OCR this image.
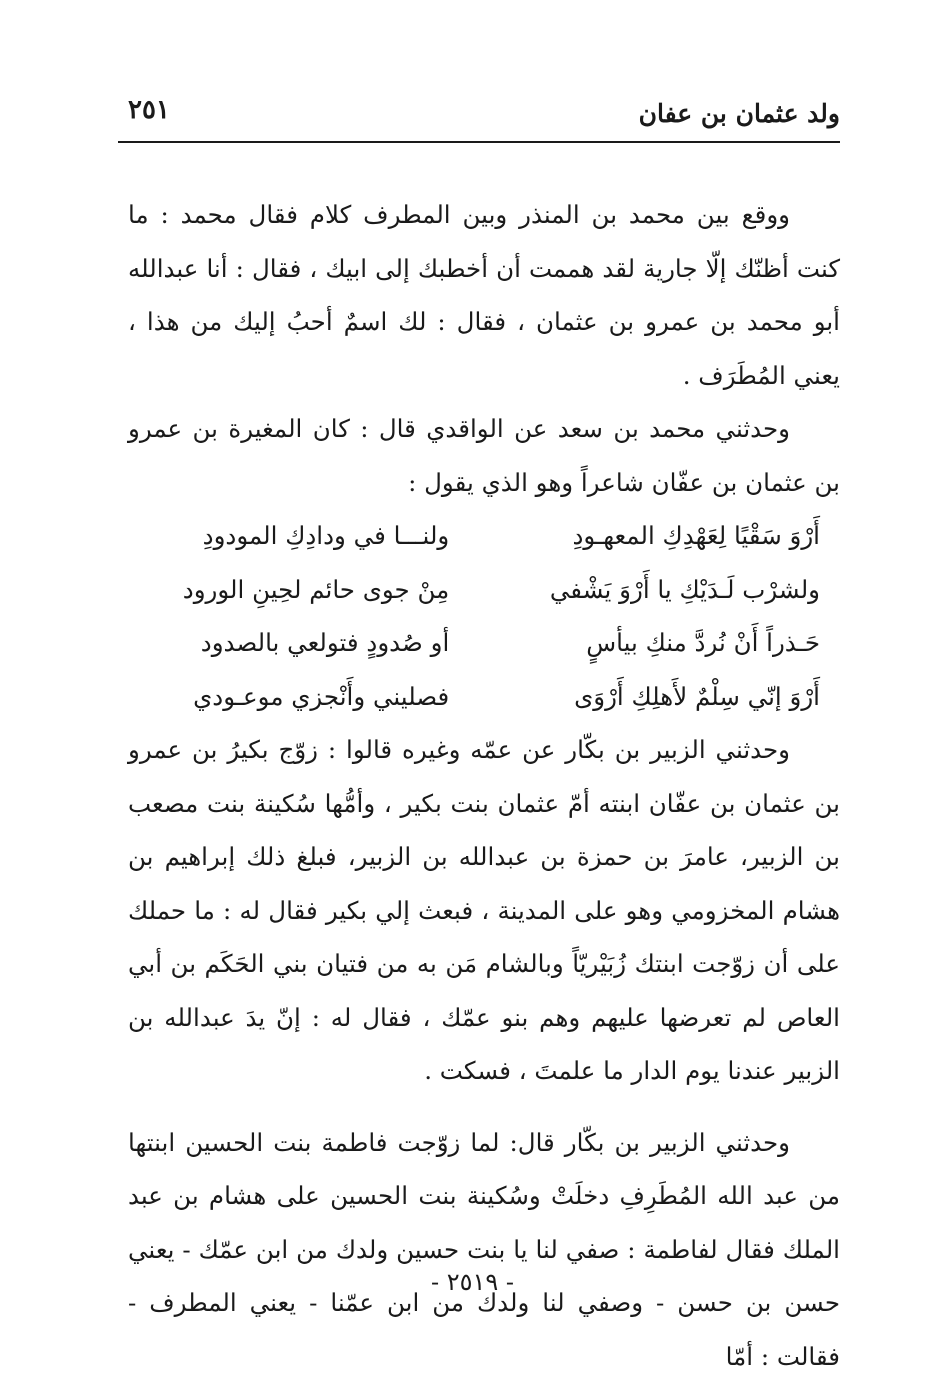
ولد عثمان بن عفان
٢٥١

ووقع بين محمد بن المنذر وبين المطرف كلام فقال محمد : ما كنت أظنّك إلّا جارية لقد هممت أن أخطبك إلى ابيك ، فقال : أنا عبدالله أبو محمد بن عمرو بن عثمان ، فقال : لك اسمٌ أحبُ إليك من هذا ، يعني المُطَرَف .

وحدثني محمد بن سعد عن الواقدي قال : كان المغيرة بن عمرو بن عثمان بن عفّان شاعراً وهو الذي يقول :

أَرْوَ سَقْيًا لِعَهْدِكِ المعهـودِ
ولنـــا في ودادِكِ المودودِ
ولشرْب لَـدَيْكِ يا أَرْوَ يَشْفي
مِنْ جوى حائم لحِينِ الورود
حَـذراً أَنْ نُردَّ منكِ بيأسٍ
أو صُدودٍ فتولعي بالصدود
أَرْوَ إنّي سِلْمٌ لأَهلِكِ أَرْوَى
فصليني وأَنْجزي موعـودي

وحدثني الزبير بن بكّار عن عمّه وغيره قالوا : زوّج بكيرُ بن عمرو بن عثمان بن عفّان ابنته أمّ عثمان بنت بكير ، وأمُّها سُكينة بنت مصعب بن الزبير، عامرَ بن حمزة بن عبدالله بن الزبير، فبلغ ذلك إبراهيم بن هشام المخزومي وهو على المدينة ، فبعث إلي بكير فقال له : ما حملك على أن زوّجت ابنتك زُبَيْريّاً وبالشام مَن به من فتيان بني الحَكَم بن أبي العاص لم تعرضها عليهم وهم بنو عمّك ، فقال له : إنّ يدَ عبدالله بن الزبير عندنا يوم الدار ما علمتَ ، فسكت .

وحدثني الزبير بن بكّار قال: لما زوّجت فاطمة بنت الحسين ابنتها من عبد الله المُطَرِفِ دخلَتْ وسُكينة بنت الحسين على هشام بن عبد الملك فقال لفاطمة : صفي لنا يا بنت حسين ولدك من ابن عمّك - يعني حسن بن حسن - وصفي لنا ولدك من ابن عمّنا - يعني المطرف - فقالت : أمّا

- ٢٥١٩ -
